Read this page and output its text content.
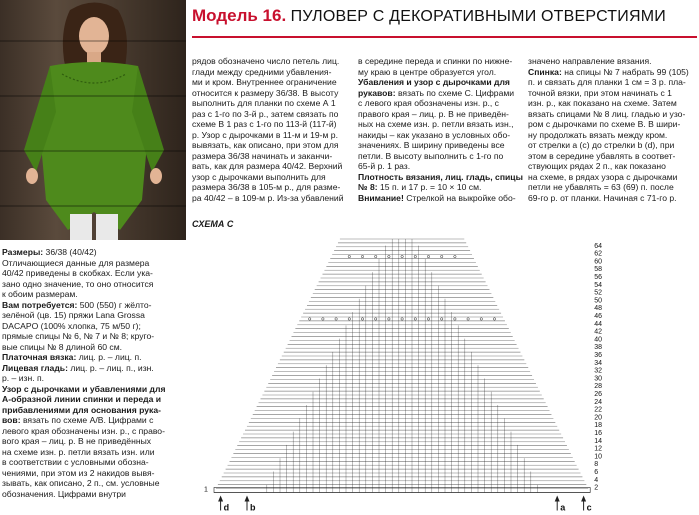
Модель 16. ПУЛОВЕР С ДЕКОРАТИВНЫМИ ОТВЕРСТИЯМИ

Размеры: 36/38 (40/42)

Отличающиеся данные для размера

40/42 приведены в скобках. Если ука-

зано одно значение, то оно относится

к обоим размерам.

Вам потребуется: 500 (550) г жёлто-

зелёной (цв. 15) пряжи Lana Grossa

DACAPO (100% хлопка, 75 м/50 г);

прямые спицы № 6, № 7 и № 8; круго-

вые спицы № 8 длиной 60 см.

Платочная вязка: лиц. р. – лиц. п.

Лицевая гладь: лиц. р. – лиц. п., изн.

р. – изн. п.

Узор с дырочками и убавлениями для

А-образной линии спинки и переда и

прибавлениями для основания рука-

вов: вязать по схеме А/В. Цифрами с

левого края обозначены изн. р., с право-

вого края – лиц. р. В не приведённых

на схеме изн. р. петли вязать изн. или

в соответствии с условными обозна-

чениями, при этом из 2 накидов вывя-

зывать, как описано, 2 п., см. условные

обозначения. Цифрами внутри

рядов обозначено число петель лиц.

глади между средними убавления-

ми и кром. Внутреннее ограничение

относится к размеру 36/38. В высоту

выполнить для планки по схеме А 1

раз с 1-го по 3-й р., затем связать по

схеме В 1 раз с 1-го по 113-й (117-й)

р. Узор с дырочками в 11-м и 19-м р.

вывязать, как описано, при этом для

размера 36/38 начинать и заканчи-

вать, как для размера 40/42. Верхний

узор с дырочками выполнить для

размера 36/38 в 105-м р., для разме-

ра 40/42 – в 109-м р. Из-за убавлений

в середине переда и спинки по нижне-

му краю в центре образуется угол.

Убавления и узор с дырочками для

рукавов: вязать по схеме С. Цифрами

с левого края обозначены изн. р., с

правого края – лиц. р. В не приведён-

ных на схеме изн. р. петли вязать изн.,

накиды – как указано в условных обо-

значениях. В ширину приведены все

петли. В высоту выполнить с 1-го по

65-й р. 1 раз.

Плотность вязания, лиц. гладь, спицы

№ 8: 15 п. и 17 р. = 10 × 10 см.

Внимание! Стрелкой на выкройке обо-

значено направление вязания.

Спинка: на спицы № 7 набрать 99 (105)

п. и связать для планки 1 см = 3 р. пла-

точной вязки, при этом начинать с 1

изн. р., как показано на схеме. Затем

вязать спицами № 8 лиц. гладью и узо-

ром с дырочками по схеме В. В шири-

ну продолжать вязать между кром.

от стрелки a (c) до стрелки b (d), при

этом в середине убавлять в соответ-

ствующих рядах 2 п., как показано

на схеме, в рядах узора с дырочками

петли не убавлять = 63 (69) п. после

69-го р. от планки. Начиная с 71-го р.

СХЕМА С
64
62
60
58
56
54
52
50
48
46
44
42
40
38
36
34
32
30
28
26
24
22
20
18
16
14
12
10
8
6
4
2
1
d b	a c
